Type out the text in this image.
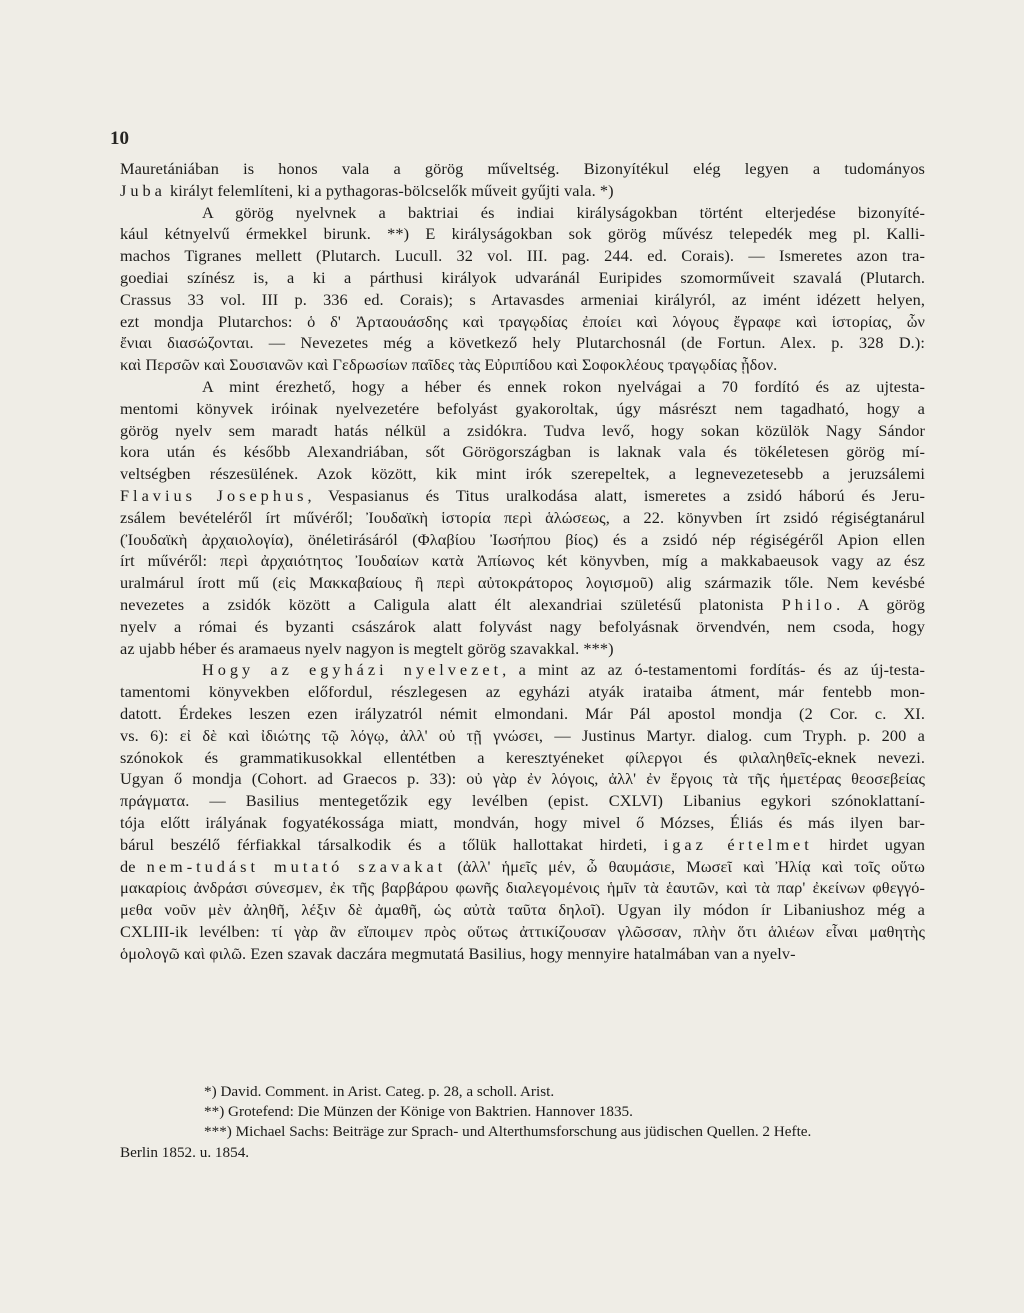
10
Mauretániában is honos vala a görög műveltség. Bizonyítékul elég legyen a tudományos
Juba királyt felemlíteni, ki a pythagoras-bölcselők műveit gyűjti vala. *)
A görög nyelvnek a baktriai és indiai királyságokban történt elterjedése bizonyíté-
kául kétnyelvű érmekkel birunk. **) E királyságokban sok görög művész telepedék meg pl. Kalli-
machos Tigranes mellett (Plutarch. Lucull. 32 vol. III. pag. 244. ed. Corais). — Ismeretes azon tra-
goediai színész is, a ki a párthusi királyok udvaránál Euripides szomorműveit szavalá (Plutarch.
Crassus 33 vol. III p. 336 ed. Corais); s Artavasdes armeniai királyról, az imént idézett helyen,
ezt mondja Plutarchos: ὁ δ' Ἀρταουάσδης καὶ τραγῳδίας ἐποίει καὶ λόγους ἔγραφε καὶ ἱστορίας, ὧν
ἔνιαι διασώζονται. — Nevezetes még a következő hely Plutarchosnál (de Fortun. Alex. p. 328 D.):
καὶ Περσῶν καὶ Σουσιανῶν καὶ Γεδρωσίων παῖδες τὰς Εὐριπίδου καὶ Σοφοκλέους τραγῳδίας ᾖδον.
A mint érezhető, hogy a héber és ennek rokon nyelvágai a 70 fordító és az ujtesta-
mentomi könyvek iróinak nyelvezetére befolyást gyakoroltak, úgy másrészt nem tagadható, hogy a
görög nyelv sem maradt hatás nélkül a zsidókra. Tudva levő, hogy sokan közülök Nagy Sándor
kora után és később Alexandriában, sőt Görögországban is laknak vala és tökéletesen görög mí-
veltségben részesülének. Azok között, kik mint irók szerepeltek, a legnevezetesebb a jeruzsálemi
Flavius Josephus, Vespasianus és Titus uralkodása alatt, ismeretes a zsidó háború és Jeru-
zsálem bevételéről írt művéről; Ἰουδαϊκὴ ἱστορία περὶ ἁλώσεως, a 22. könyvben írt zsidó régiségtanárul
(Ἰουδαϊκὴ ἀρχαιολογία), önéletirásáról (Φλαβίου Ἰωσήπου βίος) és a zsidó nép régiségéről Apion ellen
írt művéről: περὶ ἀρχαιότητος Ἰουδαίων κατὰ Ἀπίωνος két könyvben, míg a makkabaeusok vagy az ész
uralmárul írott mű (εἰς Μακκαβαίους ἢ περὶ αὐτοκράτορος λογισμοῦ) alig származik tőle. Nem kevésbé
nevezetes a zsidók között a Caligula alatt élt alexandriai születésű platonista Philo. A görög
nyelv a római és byzanti császárok alatt folyvást nagy befolyásnak örvendvén, nem csoda, hogy
az ujabb héber és aramaeus nyelv nagyon is megtelt görög szavakkal. ***)
Hogy az egyházi nyelvezet, a mint az az ó-testamentomi fordítás- és az új-testa-
tamentomi könyvekben előfordul, részlegesen az egyházi atyák irataiba átment, már fentebb mon-
datott. Érdekes leszen ezen irályzatról némit elmondani. Már Pál apostol mondja (2 Cor. c. XI.
vs. 6): εἰ δὲ καὶ ἰδιώτης τῷ λόγῳ, ἀλλ' οὐ τῇ γνώσει, — Justinus Martyr. dialog. cum Tryph. p. 200 a
szónokok és grammatikusokkal ellentétben a keresztyéneket φίλεργοι és φιλαληθεῖς-eknek nevezi.
Ugyan ő mondja (Cohort. ad Graecos p. 33): οὐ γὰρ ἐν λόγοις, ἀλλ' ἐν ἔργοις τὰ τῆς ἡμετέρας θεοσεβείας
πράγματα. — Basilius mentegetőzik egy levélben (epist. CXLVI) Libanius egykori szónoklattaní-
tója előtt irályának fogyatékossága miatt, mondván, hogy mivel ő Mózses, Éliás és más ilyen bar-
bárul beszélő férfiakkal társalkodik és a tőlük hallottakat hirdeti, igaz értelmet hirdet ugyan
de nem-tudást mutató szavakat (ἀλλ' ἡμεῖς μέν, ὦ θαυμάσιε, Μωσεῖ καὶ Ἠλίᾳ καὶ τοῖς οὕτω
μακαρίοις ἀνδράσι σύνεσμεν, ἐκ τῆς βαρβάρου φωνῆς διαλεγομένοις ἡμῖν τὰ ἑαυτῶν, καὶ τὰ παρ' ἐκείνων φθεγγό-
μεθα νοῦν μὲν ἀληθῆ, λέξιν δὲ ἀμαθῆ, ὡς αὐτὰ ταῦτα δηλοῖ). Ugyan ily módon ír Libaniushoz még a
CXLIII-ik levélben: τί γὰρ ἂν εἴποιμεν πρὸς οὕτως ἀττικίζουσαν γλῶσσαν, πλὴν ὅτι ἁλιέων εἶναι μαθητὴς
ὁμολογῶ καὶ φιλῶ. Ezen szavak daczára megmutatá Basilius, hogy mennyire hatalmában van a nyelv-
*) David. Comment. in Arist. Categ. p. 28, a scholl. Arist.
**) Grotefend: Die Münzen der Könige von Baktrien. Hannover 1835.
***) Michael Sachs: Beiträge zur Sprach- und Alterthumsforschung aus jüdischen Quellen. 2 Hefte.
Berlin 1852. u. 1854.
